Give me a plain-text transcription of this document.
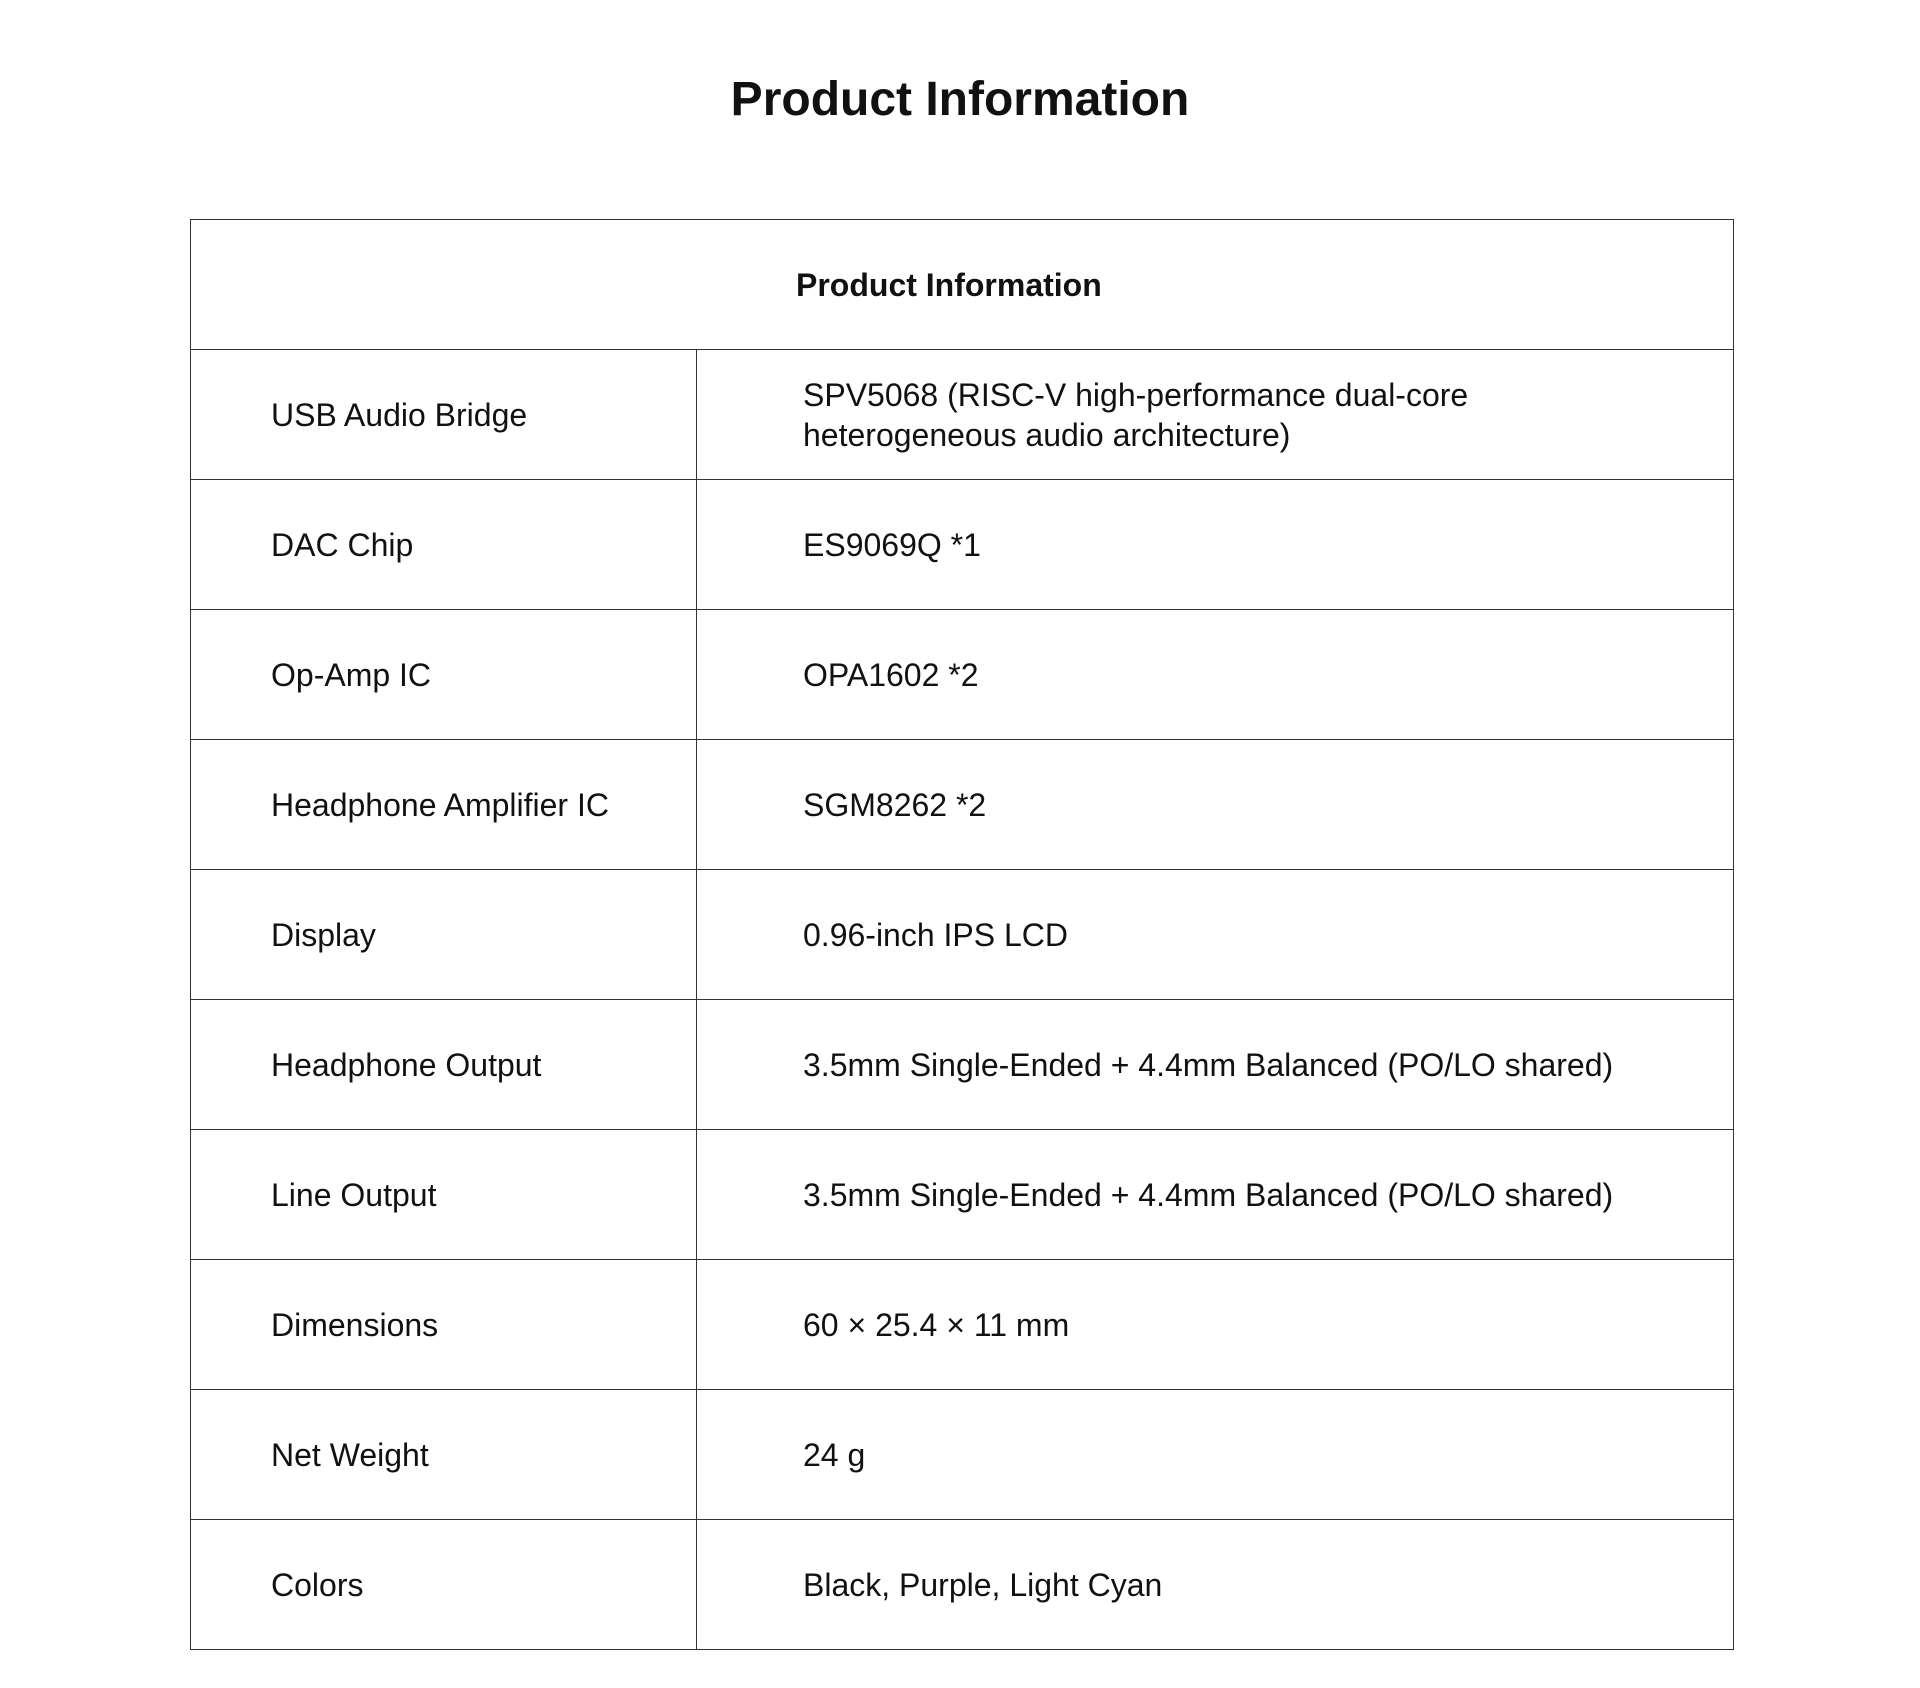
Product Information
Product Information	
USB Audio Bridge	SPV5068 (RISC-V high-performance dual-core heterogeneous audio architecture)

DAC Chip	ES9069Q *1
Op-Amp IC	OPA1602 *2
Headphone Amplifier IC	SGM8262 *2
Display	0.96-inch IPS LCD
Headphone Output	3.5mm Single-Ended + 4.4mm Balanced (PO/LO shared)
Line Output	3.5mm Single-Ended + 4.4mm Balanced (PO/LO shared)
Dimensions	60 × 25.4 × 11 mm
Net Weight	24 g
Colors	Black, Purple, Light Cyan
